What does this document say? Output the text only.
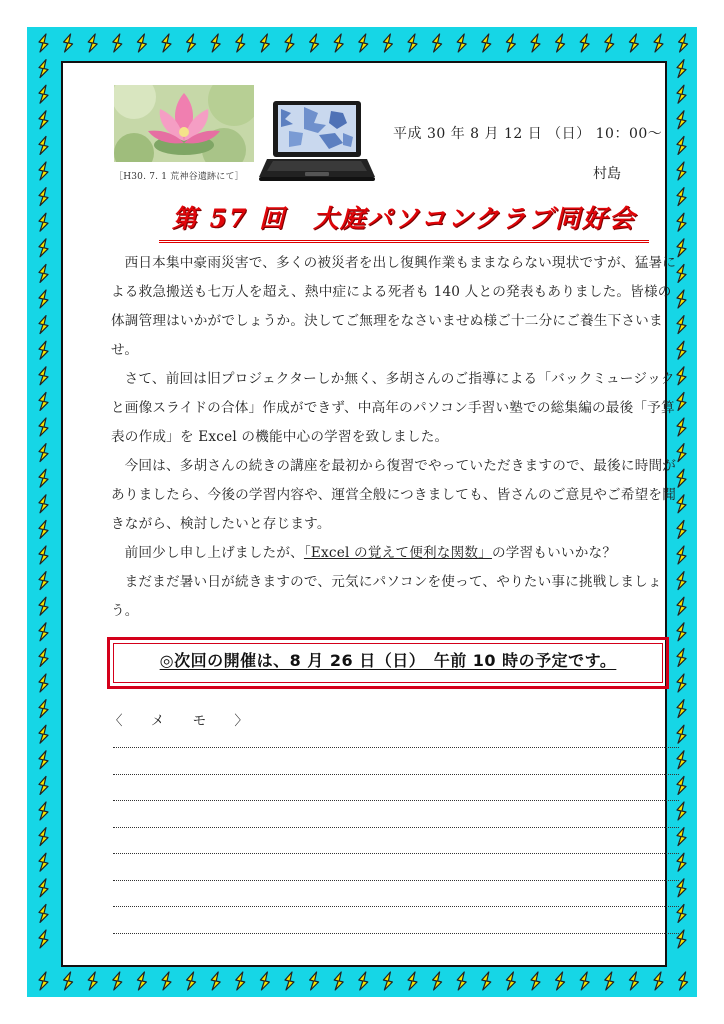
［H30. 7. 1 荒神谷遺跡にて］
平成 30 年 8 月 12 日 （日） 10：00～
村島
第 57 回　大庭パソコンクラブ同好会

西日本集中豪雨災害で、多くの被災者を出し復興作業もままならない現状ですが、猛暑による救急搬送も七万人を超え、熱中症による死者も 140 人との発表もありました。皆様の体調管理はいかがでしょうか。決してご無理をなさいませぬ様ご十二分にご養生下さいませ。

さて、前回は旧プロジェクターしか無く、多胡さんのご指導による「バックミュージックと画像スライドの合体」作成ができず、中高年のパソコン手習い塾での総集編の最後「予算表の作成」を Excel の機能中心の学習を致しました。

今回は、多胡さんの続きの講座を最初から復習でやっていただきますので、最後に時間がありましたら、今後の学習内容や、運営全般につきましても、皆さんのご意見やご希望を聞きながら、検討したいと存じます。

前回少し申し上げましたが、「Excel の覚えて便利な関数」の学習もいいかな？

まだまだ暑い日が続きますので、元気にパソコンを使って、やりたい事に挑戦しましょう。

◎次回の開催は、8 月 26 日（日）　午前 10 時の予定です。
〈 メ モ 〉
